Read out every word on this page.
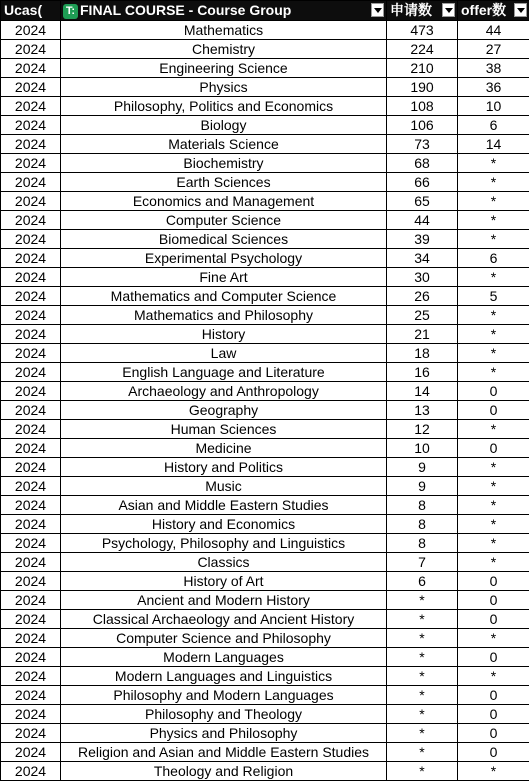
Ucas(	T: FINAL COURSE - Course Group	申请数	offer数

2024	Mathematics	473	44
2024	Chemistry	224	27
2024	Engineering Science	210	38
2024	Physics	190	36
2024	Philosophy, Politics and Economics	108	10
2024	Biology	106	6
2024	Materials Science	73	14
2024	Biochemistry	68	*
2024	Earth Sciences	66	*
2024	Economics and Management	65	*
2024	Computer Science	44	*
2024	Biomedical Sciences	39	*
2024	Experimental Psychology	34	6
2024	Fine Art	30	*
2024	Mathematics and Computer Science	26	5
2024	Mathematics and Philosophy	25	*
2024	History	21	*
2024	Law	18	*
2024	English Language and Literature	16	*
2024	Archaeology and Anthropology	14	0
2024	Geography	13	0
2024	Human Sciences	12	*
2024	Medicine	10	0
2024	History and Politics	9	*
2024	Music	9	*
2024	Asian and Middle Eastern Studies	8	*
2024	History and Economics	8	*
2024	Psychology, Philosophy and Linguistics	8	*
2024	Classics	7	*
2024	History of Art	6	0
2024	Ancient and Modern History	*	0
2024	Classical Archaeology and Ancient History	*	0
2024	Computer Science and Philosophy	*	*
2024	Modern Languages	*	0
2024	Modern Languages and Linguistics	*	*
2024	Philosophy and Modern Languages	*	0
2024	Philosophy and Theology	*	0
2024	Physics and Philosophy	*	0
2024	Religion and Asian and Middle Eastern Studies	*	0
2024	Theology and Religion	*	*
